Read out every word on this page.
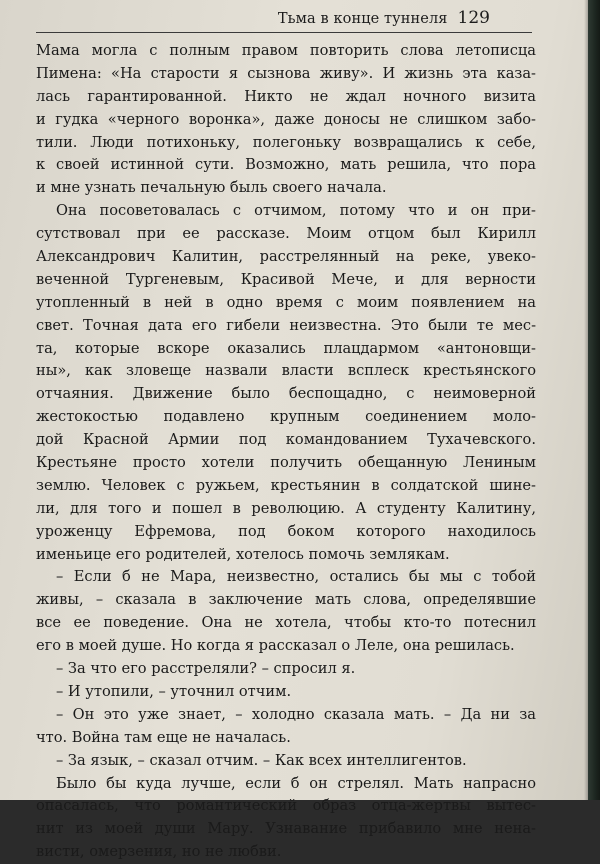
Тьма в конце туннеля 129
Мама могла с полным правом повторить слова летописца
Пимена: «На старости я сызнова живу». И жизнь эта каза-
лась гарантированной. Никто не ждал ночного визита
и гудка «черного воронка», даже доносы не слишком забо-
тили. Люди потихоньку, полегоньку возвращались к себе,
к своей истинной сути. Возможно, мать решила, что пора
и мне узнать печальную быль своего начала.
Она посоветовалась с отчимом, потому что и он при-
сутствовал при ее рассказе. Моим отцом был Кирилл
Александрович Калитин, расстрелянный на реке, увеко-
веченной Тургеневым, Красивой Мече, и для верности
утопленный в ней в одно время с моим появлением на
свет. Точная дата его гибели неизвестна. Это были те мес-
та, которые вскоре оказались плацдармом «антоновщи-
ны», как зловеще назвали власти всплеск крестьянского
отчаяния. Движение было беспощадно, с неимоверной
жестокостью подавлено крупным соединением моло-
дой Красной Армии под командованием Тухачевского.
Крестьяне просто хотели получить обещанную Лениным
землю. Человек с ружьем, крестьянин в солдатской шине-
ли, для того и пошел в революцию. А студенту Калитину,
уроженцу Ефремова, под боком которого находилось
именьице его родителей, хотелось помочь землякам.
– Если б не Мара, неизвестно, остались бы мы с тобой
живы, – сказала в заключение мать слова, определявшие
все ее поведение. Она не хотела, чтобы кто-то потеснил
его в моей душе. Но когда я рассказал о Леле, она решилась.
– За что его расстреляли? – спросил я.
– И утопили, – уточнил отчим.
– Он это уже знает, – холодно сказала мать. – Да ни за
что. Война там еще не началась.
– За язык, – сказал отчим. – Как всех интеллигентов.
Было бы куда лучше, если б он стрелял. Мать напрасно
опасалась, что романтический образ отца-жертвы вытес-
нит из моей души Мару. Узнавание прибавило мне нена-
висти, омерзения, но не любви.
